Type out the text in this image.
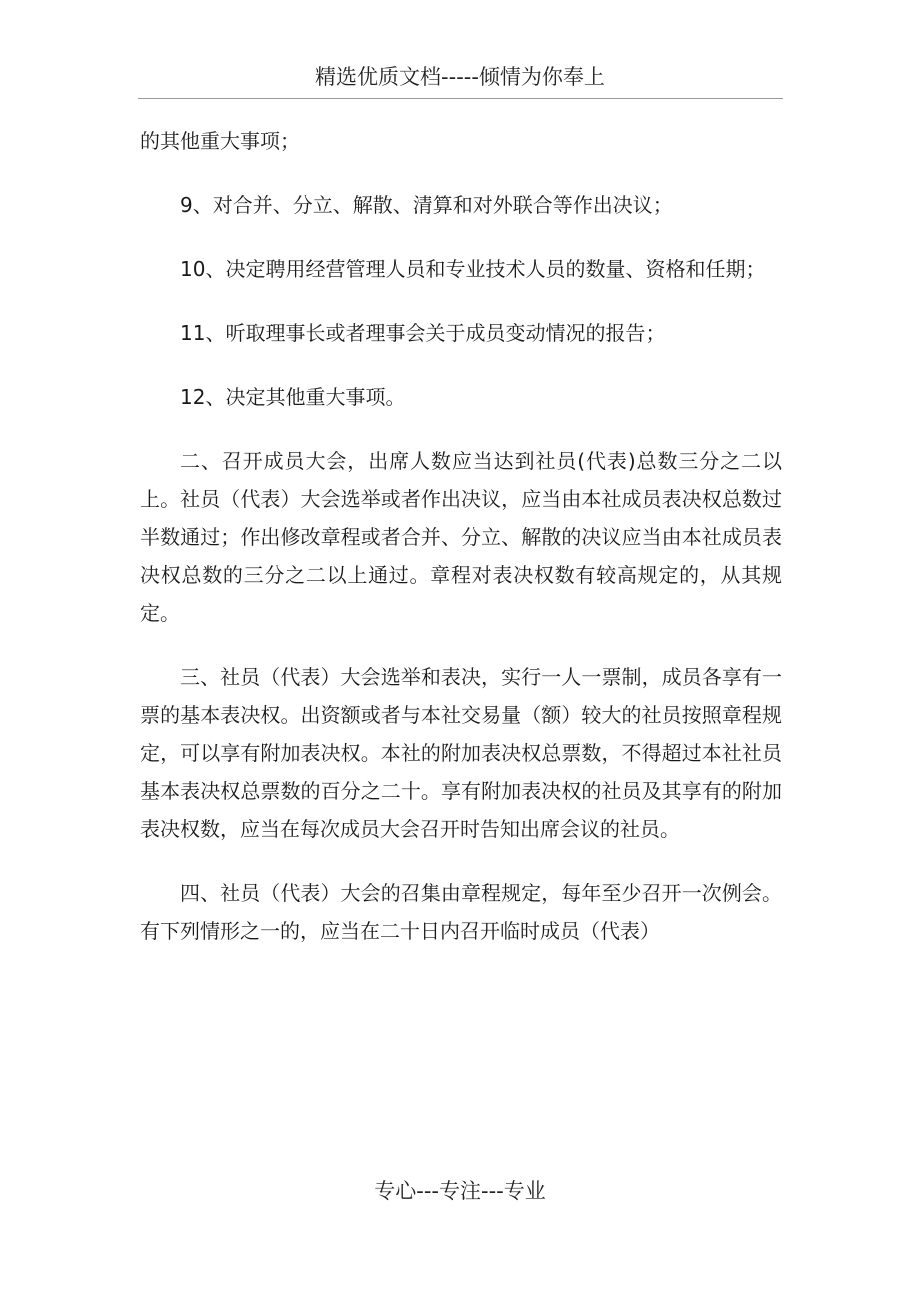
精选优质文档-----倾情为你奉上

的其他重大事项；

9、对合并、分立、解散、清算和对外联合等作出决议；

10、决定聘用经营管理人员和专业技术人员的数量、资格和任期；

11、听取理事长或者理事会关于成员变动情况的报告；

12、决定其他重大事项。

二、召开成员大会，出席人数应当达到社员(代表)总数三分之二以上。社员（代表）大会选举或者作出决议，应当由本社成员表决权总数过半数通过；作出修改章程或者合并、分立、解散的决议应当由本社成员表决权总数的三分之二以上通过。章程对表决权数有较高规定的，从其规定。

三、社员（代表）大会选举和表决，实行一人一票制，成员各享有一票的基本表决权。出资额或者与本社交易量（额）较大的社员按照章程规定，可以享有附加表决权。本社的附加表决权总票数，不得超过本社社员基本表决权总票数的百分之二十。享有附加表决权的社员及其享有的附加表决权数，应当在每次成员大会召开时告知出席会议的社员。

四、社员（代表）大会的召集由章程规定，每年至少召开一次例会。有下列情形之一的，应当在二十日内召开临时成员（代表）

专心---专注---专业
